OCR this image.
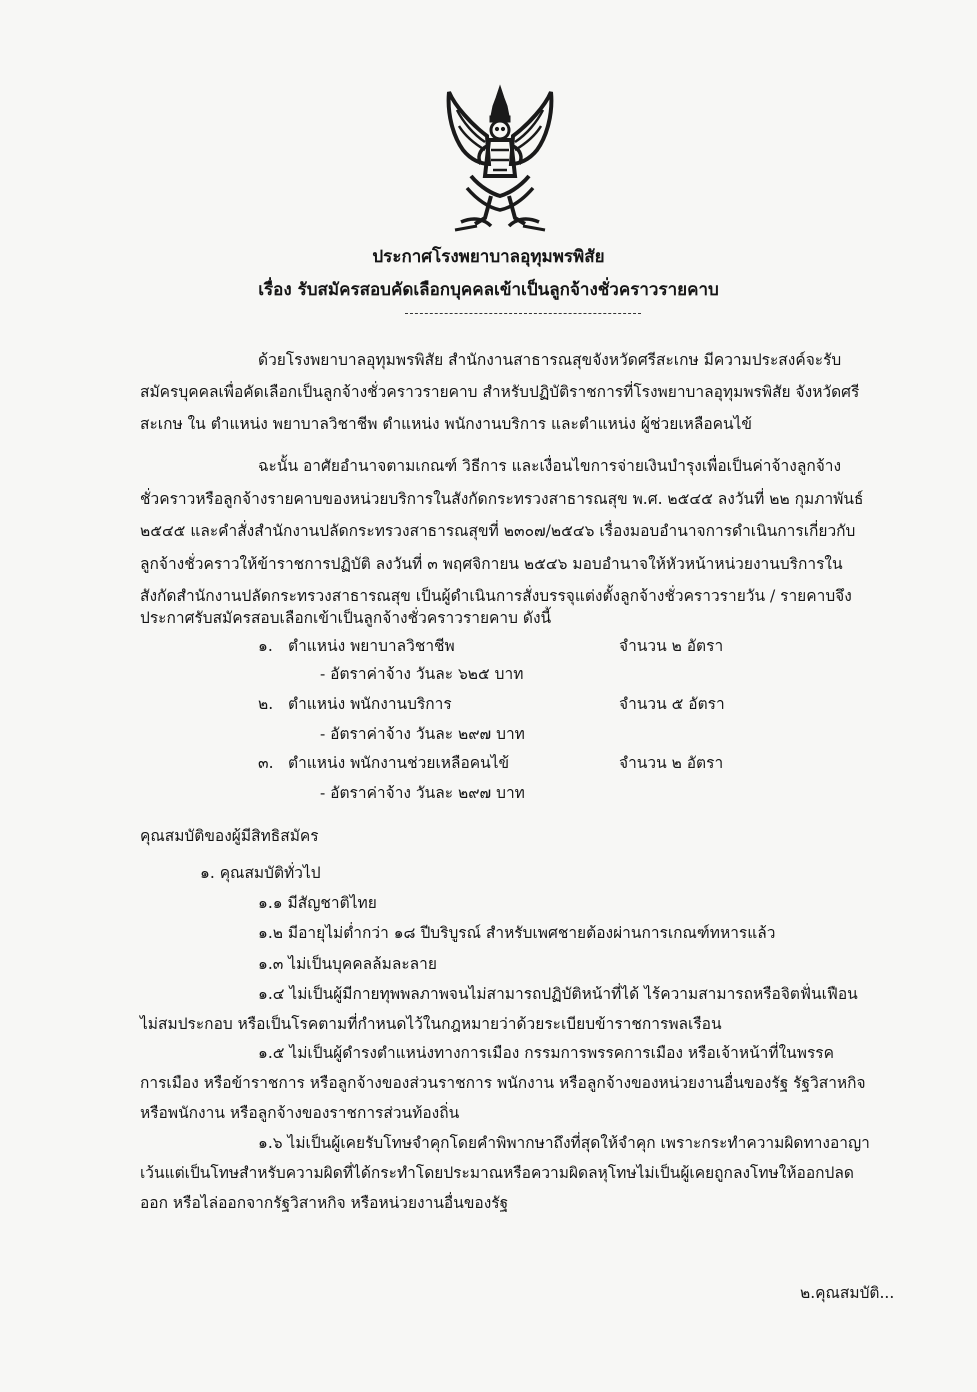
ประกาศโรงพยาบาลอุทุมพรพิสัย
เรื่อง รับสมัครสอบคัดเลือกบุคคลเข้าเป็นลูกจ้างชั่วคราวรายคาบ
ด้วยโรงพยาบาลอุทุมพรพิสัย สำนักงานสาธารณสุขจังหวัดศรีสะเกษ มีความประสงค์จะรับ
สมัครบุคคลเพื่อคัดเลือกเป็นลูกจ้างชั่วคราวรายคาบ สำหรับปฏิบัติราชการที่โรงพยาบาลอุทุมพรพิสัย จังหวัดศรี
สะเกษ ใน ตำแหน่ง พยาบาลวิชาชีพ ตำแหน่ง พนักงานบริการ และตำแหน่ง ผู้ช่วยเหลือคนไข้
ฉะนั้น อาศัยอำนาจตามเกณฑ์ วิธีการ และเงื่อนไขการจ่ายเงินบำรุงเพื่อเป็นค่าจ้างลูกจ้าง
ชั่วคราวหรือลูกจ้างรายคาบของหน่วยบริการในสังกัดกระทรวงสาธารณสุข พ.ศ. ๒๕๔๕ ลงวันที่ ๒๒ กุมภาพันธ์
๒๕๔๕ และคำสั่งสำนักงานปลัดกระทรวงสาธารณสุขที่ ๒๓๐๗/๒๕๔๖ เรื่องมอบอำนาจการดำเนินการเกี่ยวกับ
ลูกจ้างชั่วคราวให้ข้าราชการปฏิบัติ ลงวันที่ ๓ พฤศจิกายน ๒๕๔๖ มอบอำนาจให้หัวหน้าหน่วยงานบริการใน
สังกัดสำนักงานปลัดกระทรวงสาธารณสุข เป็นผู้ดำเนินการสั่งบรรจุแต่งตั้งลูกจ้างชั่วคราวรายวัน / รายคาบจึง
ประกาศรับสมัครสอบเลือกเข้าเป็นลูกจ้างชั่วคราวรายคาบ ดังนี้
๑. ตำแหน่ง พยาบาลวิชาชีพ	จำนวน ๒ อัตรา
- อัตราค่าจ้าง วันละ ๖๒๕ บาท
๒. ตำแหน่ง พนักงานบริการ	จำนวน ๕ อัตรา
- อัตราค่าจ้าง วันละ ๒๙๗ บาท
๓. ตำแหน่ง พนักงานช่วยเหลือคนไข้	จำนวน ๒ อัตรา
- อัตราค่าจ้าง วันละ ๒๙๗ บาท
คุณสมบัติของผู้มีสิทธิสมัคร
๑. คุณสมบัติทั่วไป
๑.๑ มีสัญชาติไทย
๑.๒ มีอายุไม่ต่ำกว่า ๑๘ ปีบริบูรณ์ สำหรับเพศชายต้องผ่านการเกณฑ์ทหารแล้ว
๑.๓ ไม่เป็นบุคคลล้มละลาย
๑.๔ ไม่เป็นผู้มีกายทุพพลภาพจนไม่สามารถปฏิบัติหน้าที่ได้ ไร้ความสามารถหรือจิตฟั่นเฟือน
ไม่สมประกอบ หรือเป็นโรคตามที่กำหนดไว้ในกฎหมายว่าด้วยระเบียบข้าราชการพลเรือน
๑.๕ ไม่เป็นผู้ดำรงตำแหน่งทางการเมือง กรรมการพรรคการเมือง หรือเจ้าหน้าที่ในพรรค
การเมือง หรือข้าราชการ หรือลูกจ้างของส่วนราชการ พนักงาน หรือลูกจ้างของหน่วยงานอื่นของรัฐ รัฐวิสาหกิจ
หรือพนักงาน หรือลูกจ้างของราชการส่วนท้องถิ่น
๑.๖ ไม่เป็นผู้เคยรับโทษจำคุกโดยคำพิพากษาถึงที่สุดให้จำคุก เพราะกระทำความผิดทางอาญา
เว้นแต่เป็นโทษสำหรับความผิดที่ได้กระทำโดยประมาณหรือความผิดลหุโทษไม่เป็นผู้เคยถูกลงโทษให้ออกปลด
ออก หรือไล่ออกจากรัฐวิสาหกิจ หรือหน่วยงานอื่นของรัฐ
๒.คุณสมบัติ...
